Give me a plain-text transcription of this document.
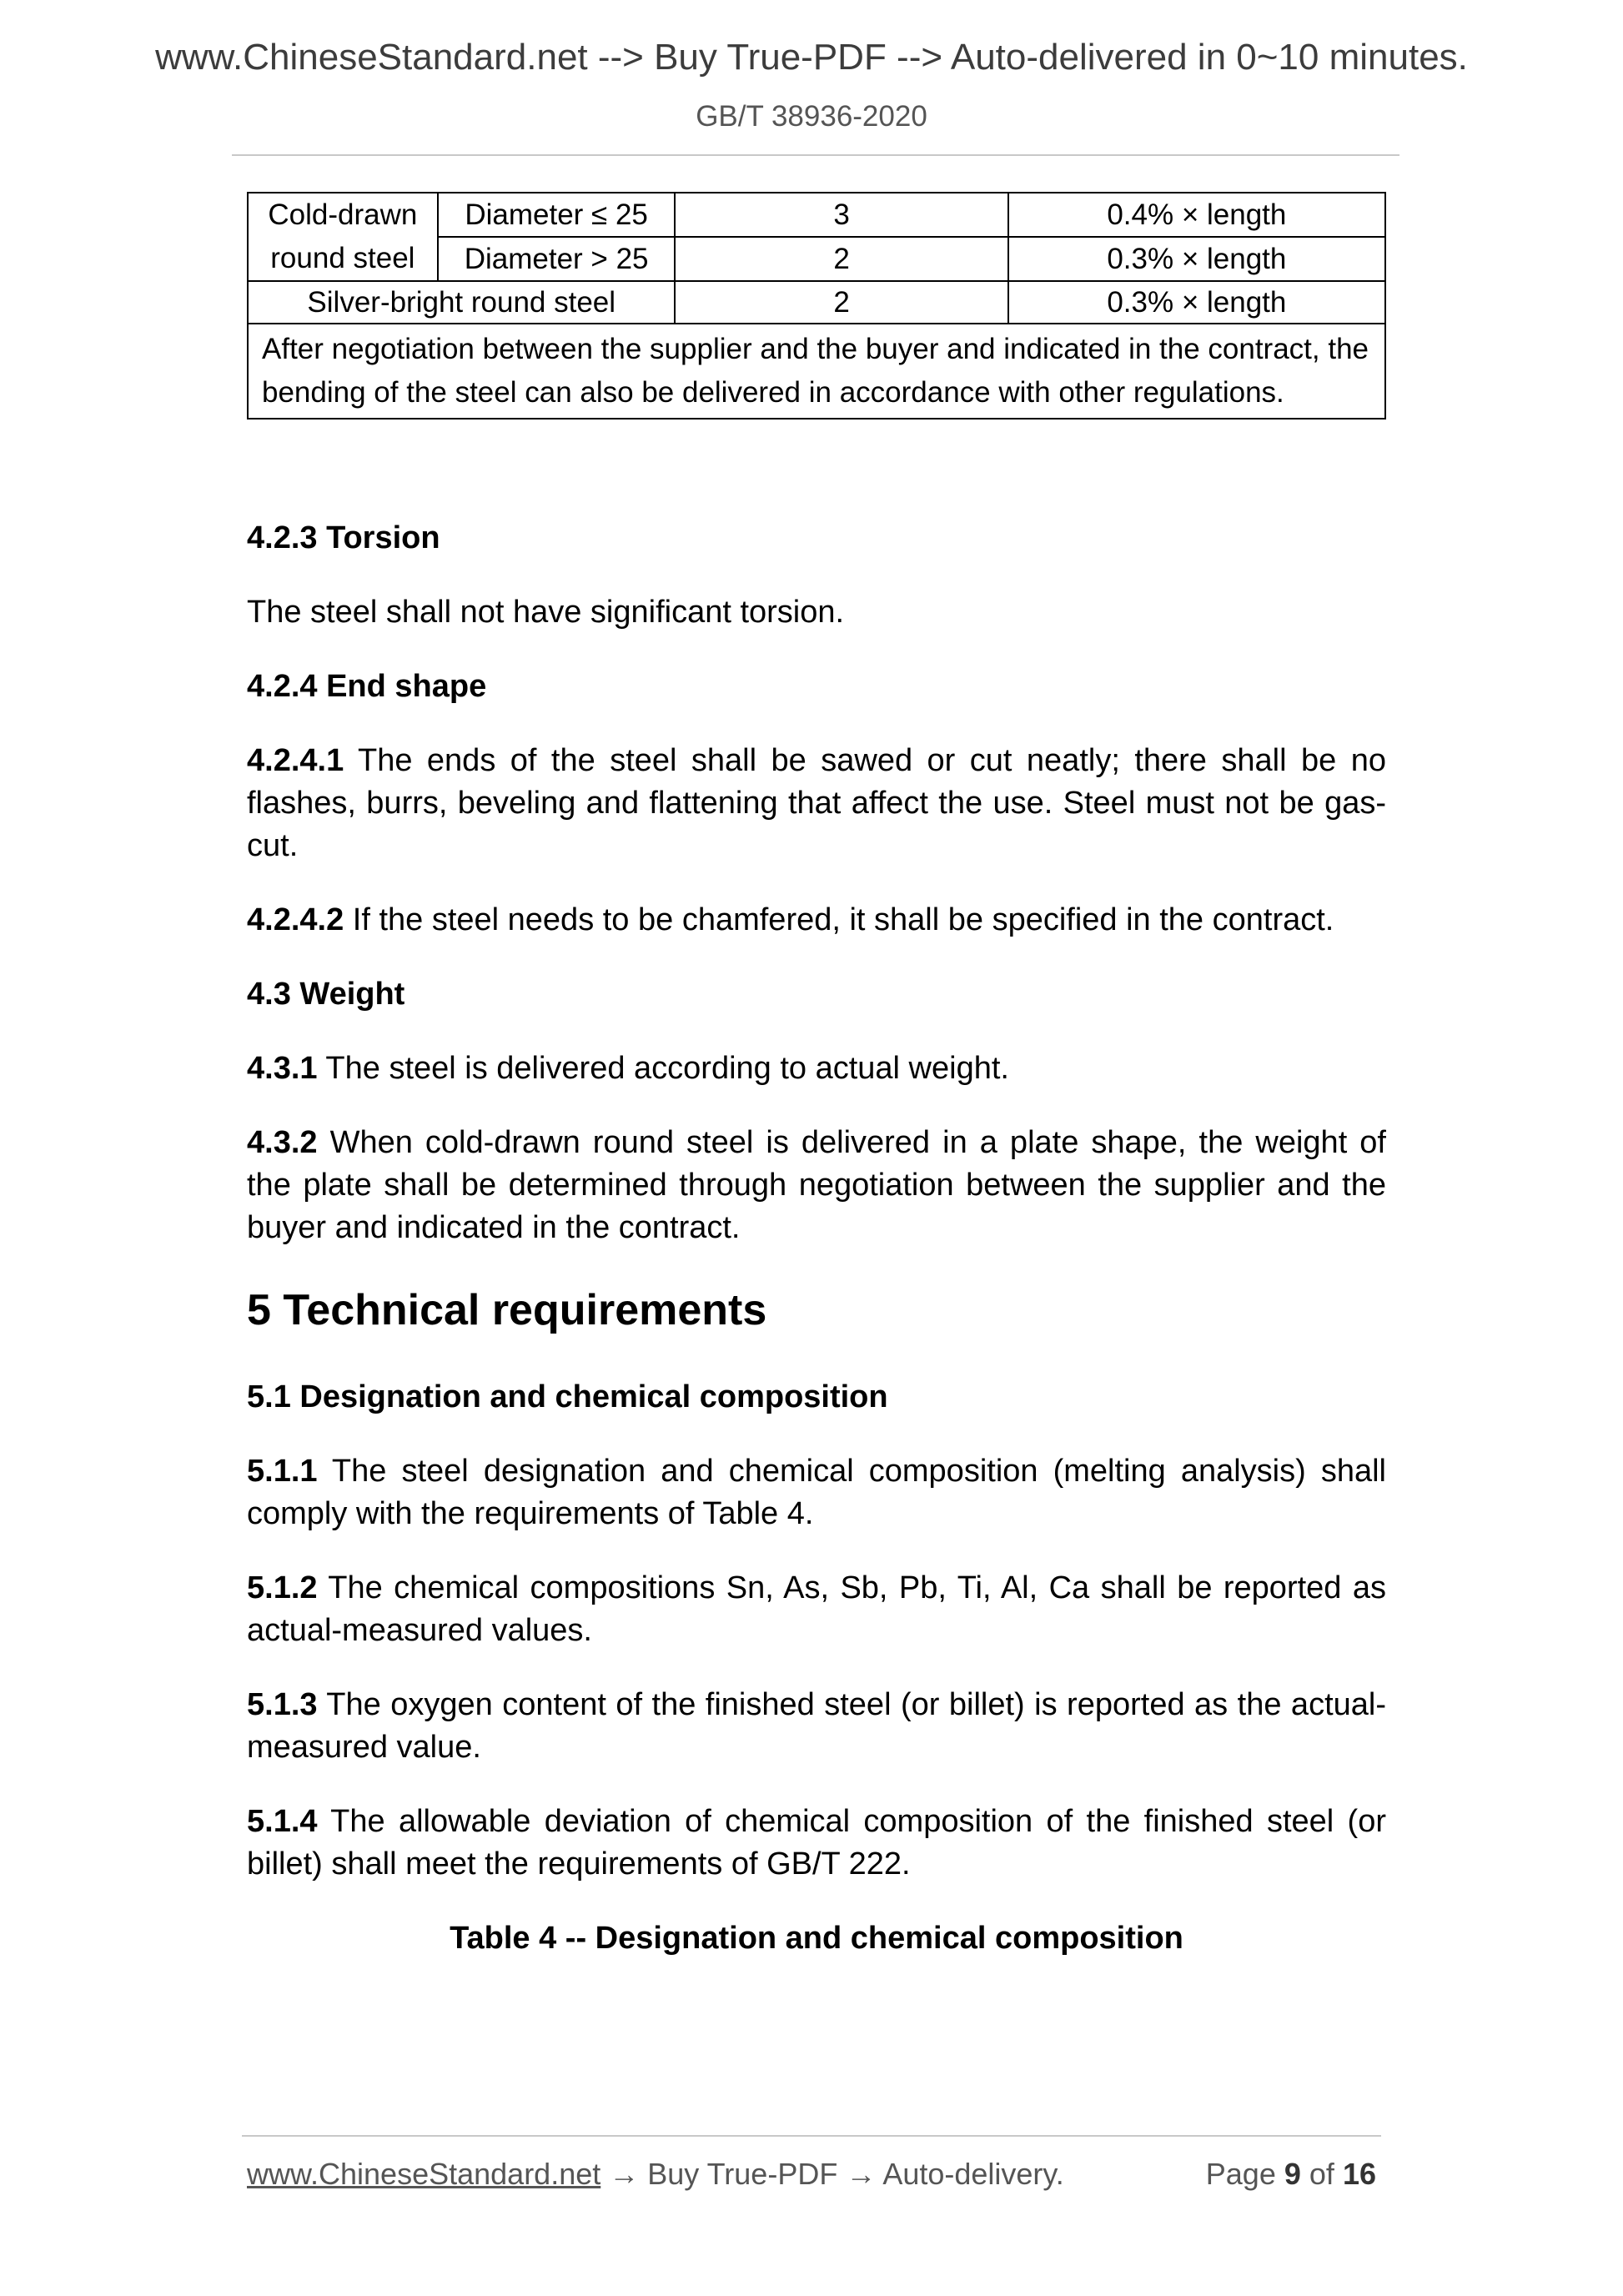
www.ChineseStandard.net --> Buy True-PDF --> Auto-delivered in 0~10 minutes.
GB/T 38936-2020
Cold-drawn
round steel	Diameter ≤ 25	3	0.4% × length
	Diameter > 25	2	0.3% × length
Silver-bright round steel		2	0.3% × length
After negotiation between the supplier and the buyer and indicated in the contract, the bending of the steel can also be delivered in accordance with other regulations.			

4.2.3 Torsion

The steel shall not have significant torsion.

4.2.4 End shape

4.2.4.1 The ends of the steel shall be sawed or cut neatly; there shall be no flashes, burrs, beveling and flattening that affect the use. Steel must not be gas-cut.

4.2.4.2 If the steel needs to be chamfered, it shall be specified in the contract.

4.3 Weight

4.3.1 The steel is delivered according to actual weight.

4.3.2 When cold-drawn round steel is delivered in a plate shape, the weight of the plate shall be determined through negotiation between the supplier and the buyer and indicated in the contract.

5 Technical requirements

5.1 Designation and chemical composition

5.1.1 The steel designation and chemical composition (melting analysis) shall comply with the requirements of Table 4.

5.1.2 The chemical compositions Sn, As, Sb, Pb, Ti, Al, Ca shall be reported as actual-measured values.

5.1.3 The oxygen content of the finished steel (or billet) is reported as the actual-measured value.

5.1.4 The allowable deviation of chemical composition of the finished steel (or billet) shall meet the requirements of GB/T 222.

Table 4 -- Designation and chemical composition

www.ChineseStandard.net → Buy True-PDF → Auto-delivery.	Page 9 of 16
